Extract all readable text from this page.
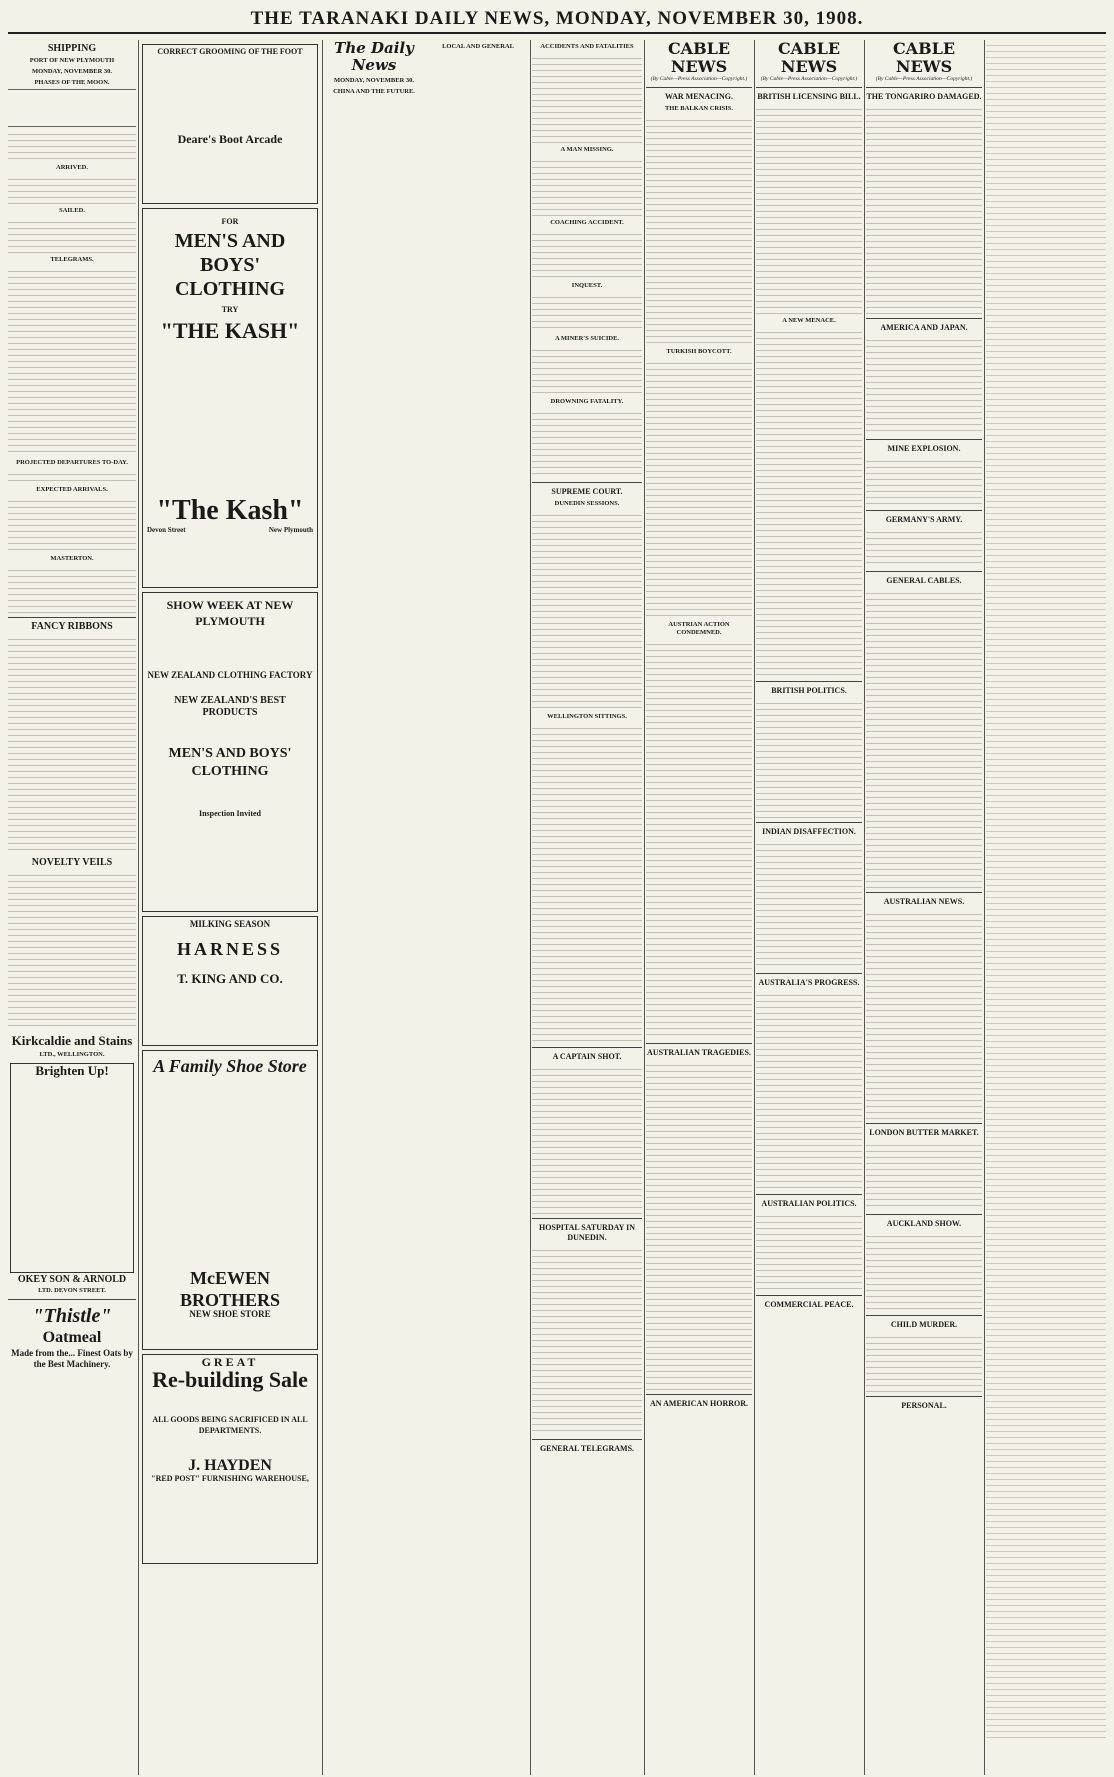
THE TARANAKI DAILY NEWS, MONDAY, NOVEMBER 30, 1908.
SHIPPING
PORT OF NEW PLYMOUTH
MONDAY, NOVEMBER 30.
PHASES OF THE MOON.

ARRIVED.

SAILED.

TELEGRAMS.

PROJECTED DEPARTURES TO-DAY.

EXPECTED ARRIVALS.

MASTERTON.

FANCY RIBBONS

NOVELTY VEILS

Kirkcaldie and Stains
LTD., WELLINGTON.
Brighten Up!
OKEY SON & ARNOLD
LTD. DEVON STREET.
"Thistle"
Oatmeal
Made from the... Finest Oats by the Best Machinery.
CORRECT GROOMING OF THE FOOT
Deare's Boot Arcade
FOR
MEN'S AND BOYS' CLOTHING
TRY
"THE KASH"
"The Kash"
Devon Street	New Plymouth
SHOW WEEK AT NEW PLYMOUTH
NEW ZEALAND CLOTHING FACTORY
NEW ZEALAND'S BEST PRODUCTS
MEN'S AND BOYS' CLOTHING
Inspection Invited
MILKING SEASON
HARNESS
T. KING AND CO.
A Family Shoe Store
McEWEN BROTHERS
NEW SHOE STORE
GREAT
Re-building Sale
ALL GOODS BEING SACRIFICED IN ALL DEPARTMENTS.
J. HAYDEN
"RED POST" FURNISHING WAREHOUSE,
The Daily News
MONDAY, NOVEMBER 30.
CHINA AND THE FUTURE.
LOCAL AND GENERAL	ACCIDENTS AND FATALITIES

A MAN MISSING.

COACHING ACCIDENT.

INQUEST.

A MINER'S SUICIDE.

DROWNING FATALITY.

SUPREME COURT.
DUNEDIN SESSIONS.

WELLINGTON SITTINGS.

A CAPTAIN SHOT.

HOSPITAL SATURDAY IN DUNEDIN.

GENERAL TELEGRAMS.
CABLE NEWS
(By Cable—Press Association—Copyright.)
WAR MENACING.
THE BALKAN CRISIS.

TURKISH BOYCOTT.

AUSTRIAN ACTION CONDEMNED.

AUSTRALIAN TRAGEDIES.

AN AMERICAN HORROR.
CABLE NEWS
(By Cable—Press Association—Copyright.)
BRITISH LICENSING BILL.

A NEW MENACE.

BRITISH POLITICS.

INDIAN DISAFFECTION.

AUSTRALIA'S PROGRESS.

AUSTRALIAN POLITICS.

COMMERCIAL PEACE.
CABLE NEWS
(By Cable—Press Association—Copyright.)
THE TONGARIRO DAMAGED.

AMERICA AND JAPAN.

MINE EXPLOSION.

GERMANY'S ARMY.

GENERAL CABLES.

AUSTRALIAN NEWS.

LONDON BUTTER MARKET.

AUCKLAND SHOW.

CHILD MURDER.

PERSONAL.
